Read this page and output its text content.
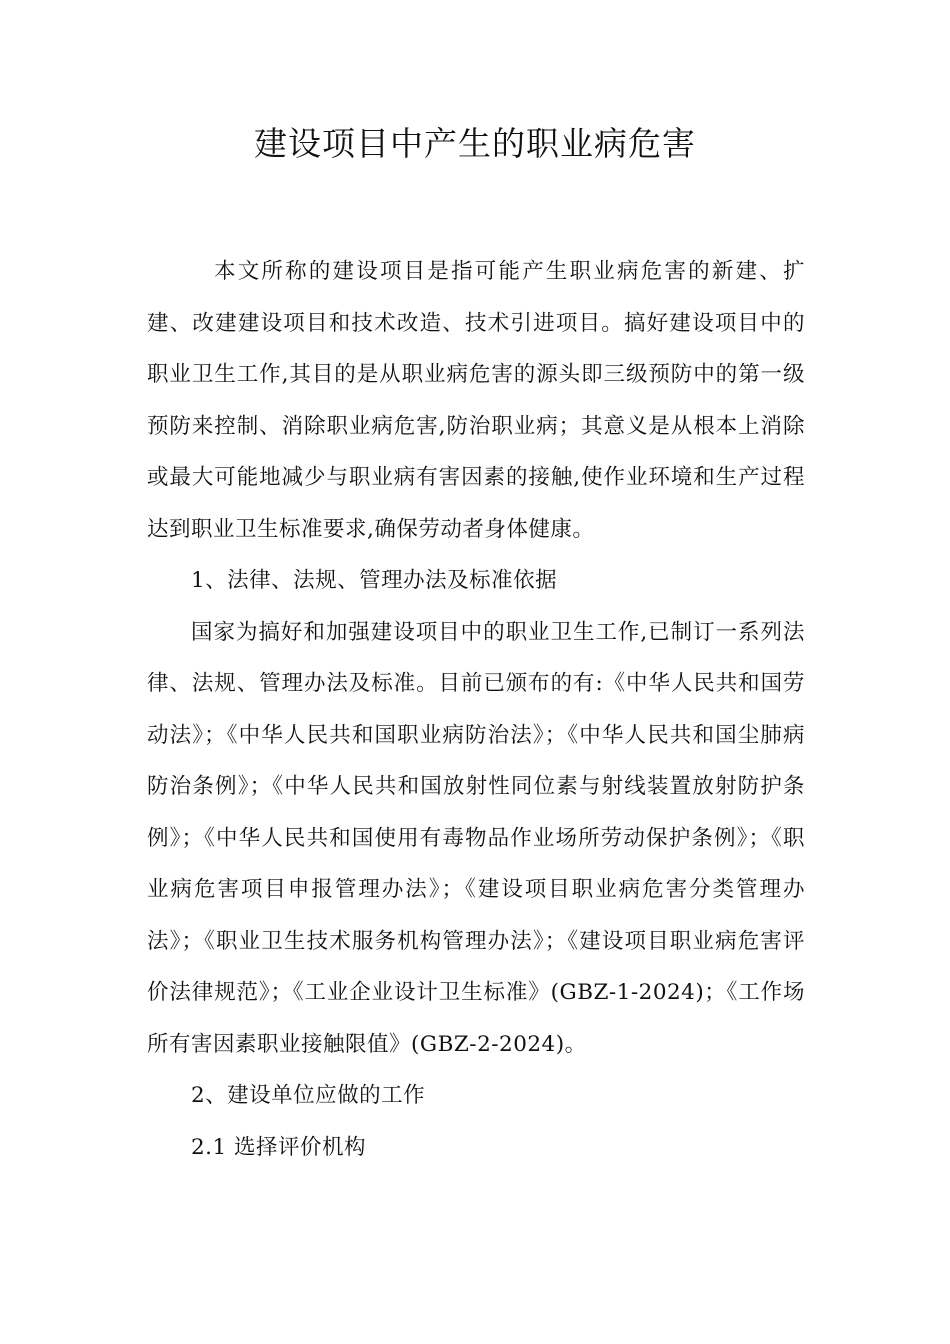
建设项目中产生的职业病危害

本文所称的建设项目是指可能产生职业病危害的新建、扩建、改建建设项目和技术改造、技术引进项目。搞好建设项目中的职业卫生工作,其目的是从职业病危害的源头即三级预防中的第一级预防来控制、消除职业病危害,防治职业病；其意义是从根本上消除或最大可能地减少与职业病有害因素的接触,使作业环境和生产过程达到职业卫生标准要求,确保劳动者身体健康。

1、法律、法规、管理办法及标准依据

国家为搞好和加强建设项目中的职业卫生工作,已制订一系列法律、法规、管理办法及标准。目前已颁布的有:《中华人民共和国劳动法》；《中华人民共和国职业病防治法》；《中华人民共和国尘肺病防治条例》；《中华人民共和国放射性同位素与射线装置放射防护条例》；《中华人民共和国使用有毒物品作业场所劳动保护条例》；《职业病危害项目申报管理办法》；《建设项目职业病危害分类管理办法》；《职业卫生技术服务机构管理办法》；《建设项目职业病危害评价法律规范》；《工业企业设计卫生标准》(GBZ-1-2024)；《工作场所有害因素职业接触限值》(GBZ-2-2024)。

2、建设单位应做的工作

2.1 选择评价机构
